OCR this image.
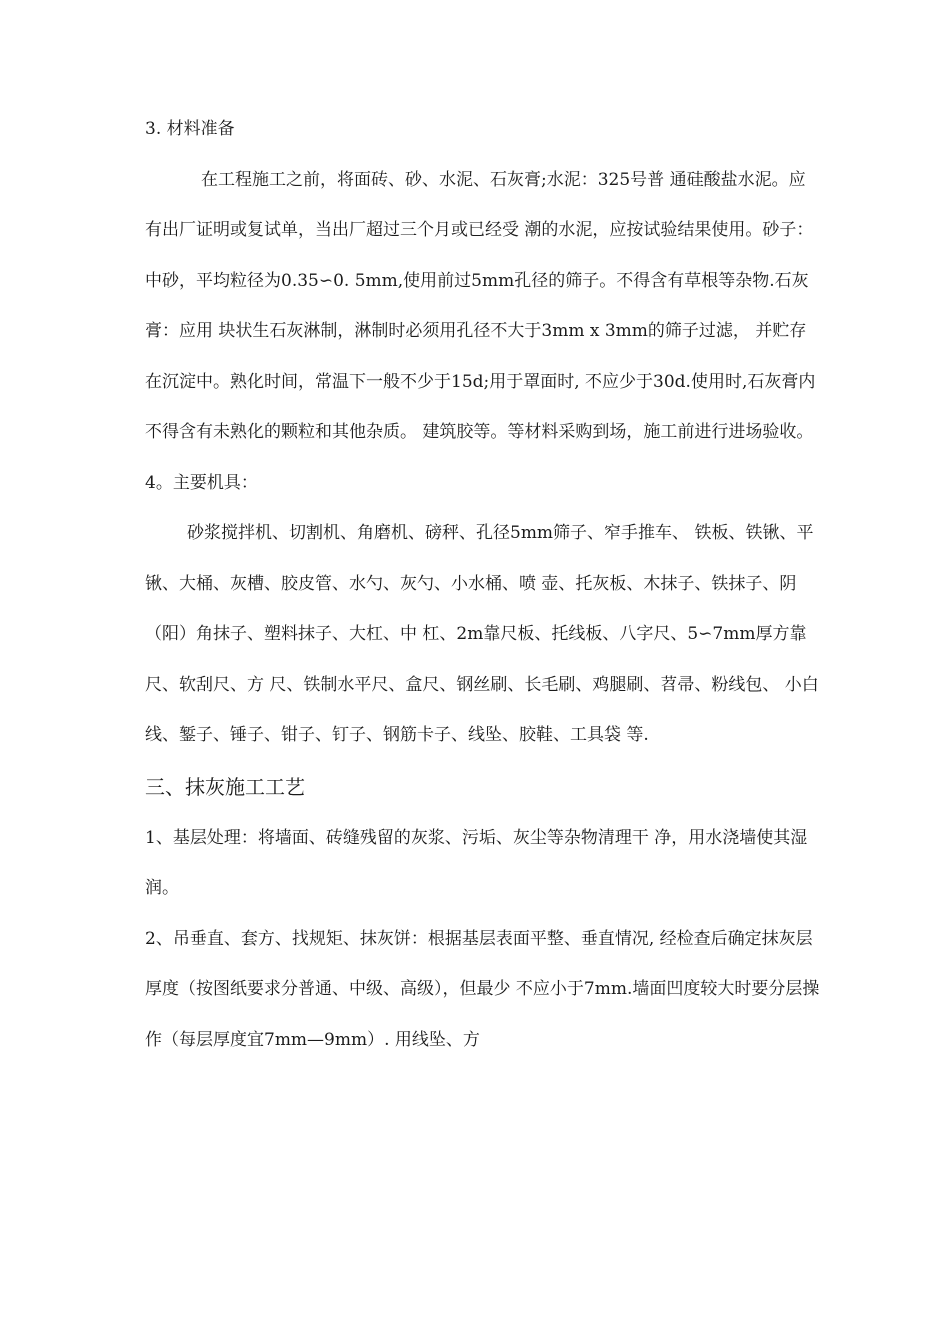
3. 材料准备

在工程施工之前，将面砖、砂、水泥、石灰膏;水泥：325号普 通硅酸盐水泥。应有出厂证明或复试单，当出厂超过三个月或已经受 潮的水泥，应按试验结果使用。砂子：中砂，平均粒径为0.35∽0. 5mm,使用前过5mm孔径的筛子。不得含有草根等杂物.石灰膏：应用 块状生石灰淋制，淋制时必须用孔径不大于3mm x 3mm的筛子过滤， 并贮存在沉淀中。熟化时间，常温下一般不少于15d;用于罩面时, 不应少于30d.使用时,石灰膏内不得含有未熟化的颗粒和其他杂质。 建筑胶等。等材料采购到场，施工前进行进场验收。

4。主要机具：

砂浆搅拌机、切割机、角磨机、磅秤、孔径5mm筛子、窄手推车、 铁板、铁锹、平锹、大桶、灰槽、胶皮管、水勺、灰勺、小水桶、喷 壶、托灰板、木抹子、铁抹子、阴（阳）角抹子、塑料抹子、大杠、中 杠、2m靠尺板、托线板、八字尺、5∽7mm厚方靠尺、软刮尺、方 尺、铁制水平尺、盒尺、钢丝刷、长毛刷、鸡腿刷、苕帚、粉线包、 小白线、錾子、锤子、钳子、钉子、钢筋卡子、线坠、胶鞋、工具袋 等.

三、抹灰施工工艺

1、基层处理：将墙面、砖缝残留的灰浆、污垢、灰尘等杂物清理干 净，用水浇墙使其湿润。

2、吊垂直、套方、找规矩、抹灰饼：根据基层表面平整、垂直情况, 经检查后确定抹灰层厚度（按图纸要求分普通、中级、高级），但最少 不应小于7mm.墙面凹度较大时要分层操作（每层厚度宜7mm—9mm）. 用线坠、方
